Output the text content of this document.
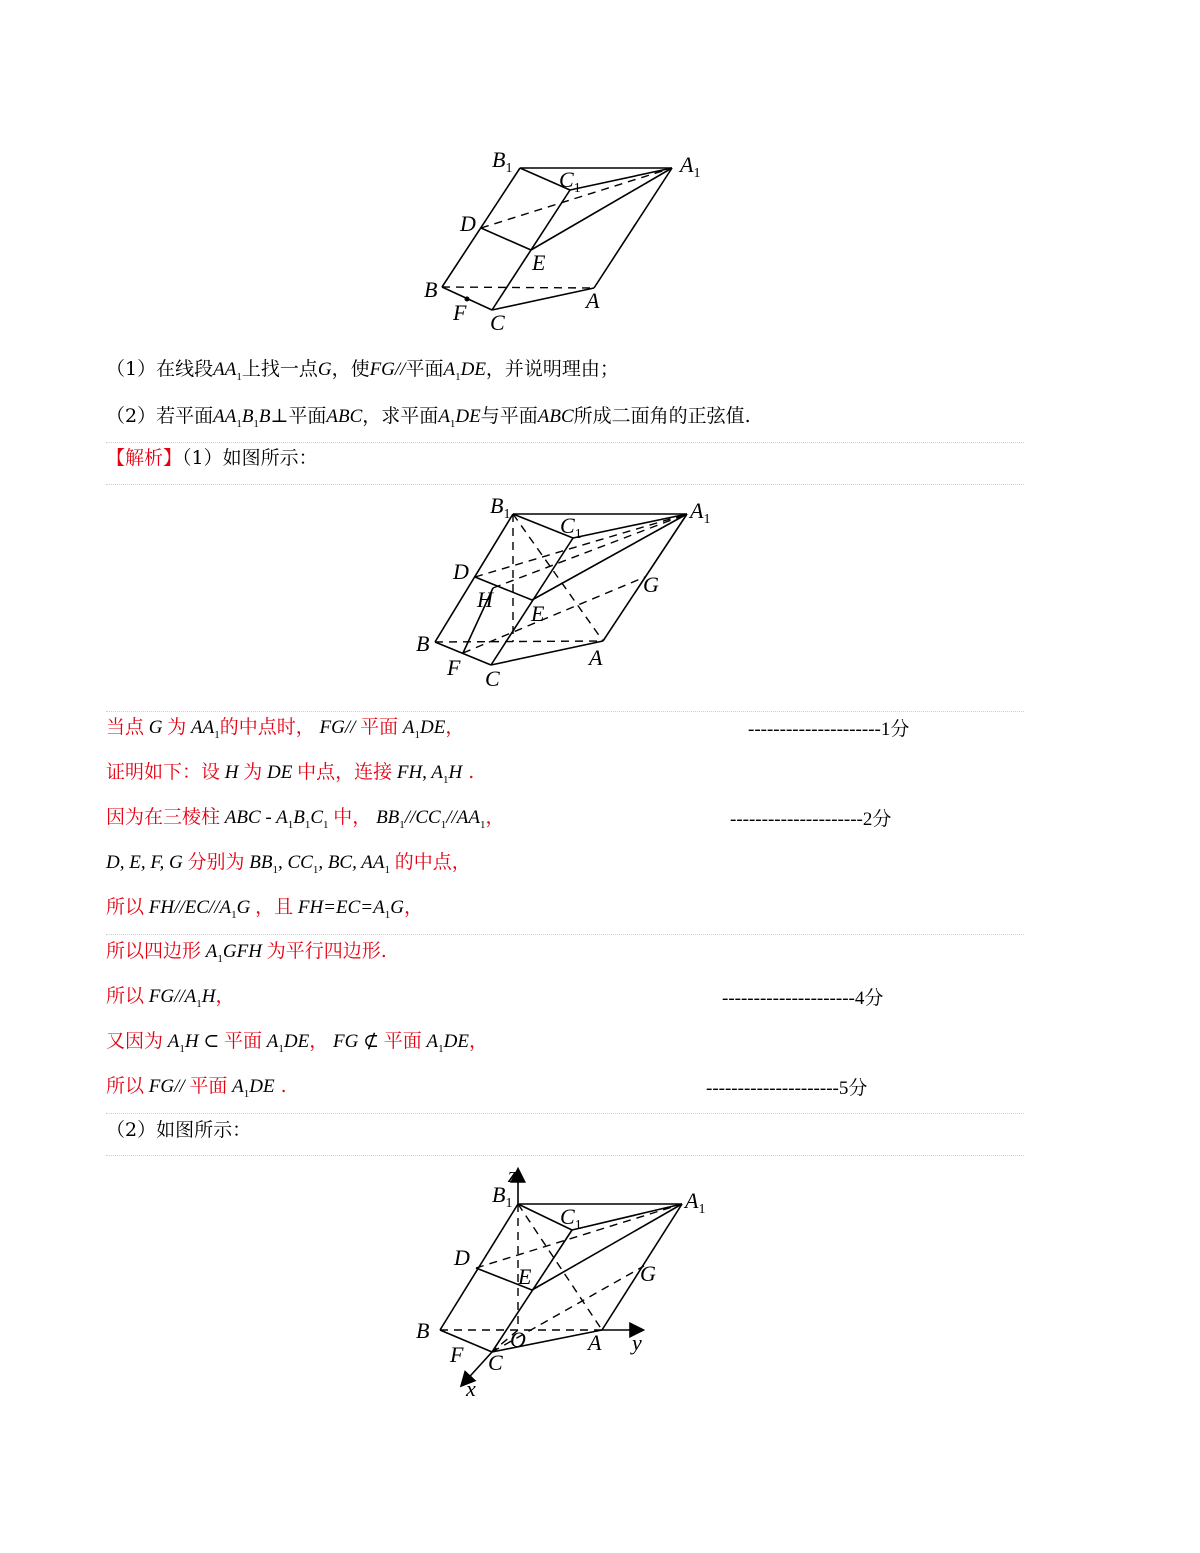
$B_1$ $C_1$
$A_1$
D
E
B
F C
A
（1）在线段$AA_1$上找一点G，使FG//平面$A_1DE$，并说明理由；
（2）若平面$AA_1B_1B\perp$平面ABC，求平面$A_1DE$与平面ABC所成二面角的正弦值.
【解析】（1）如图所示：
$B_1$ $C_1$
$A_1$
D
H
E
G
B
F C
A
当点 G 为 $AA_1$的中点时， FG// 平面 $A_1DE$，	---------------------1分
证明如下：设 H 为 DE 中点，连接 FH, $A_1H$ .
因为在三棱柱 ABC - $A_1B_1C_1$ 中， $BB_1//CC_1//AA_1$，	---------------------2分
D, E, F, G 分别为 $BB_1$, $CC_1$, BC, $AA_1$ 的中点，
所以 $FH//EC//A_1G$ ，且 $FH=EC=A_1G$，
所以四边形 $A_1GFH$ 为平行四边形.
所以 $FG//A_1H$，	---------------------4分
又因为 $A_1H$ ⊂ 平面 $A_1DE$， FG ⊄ 平面 $A_1DE$，
所以 FG// 平面 $A_1DE$ .	---------------------5分
（2）如图所示：
z
$B_1$
$C_1$
$A_1$
D
E	G
B	O	A y
F C
x
